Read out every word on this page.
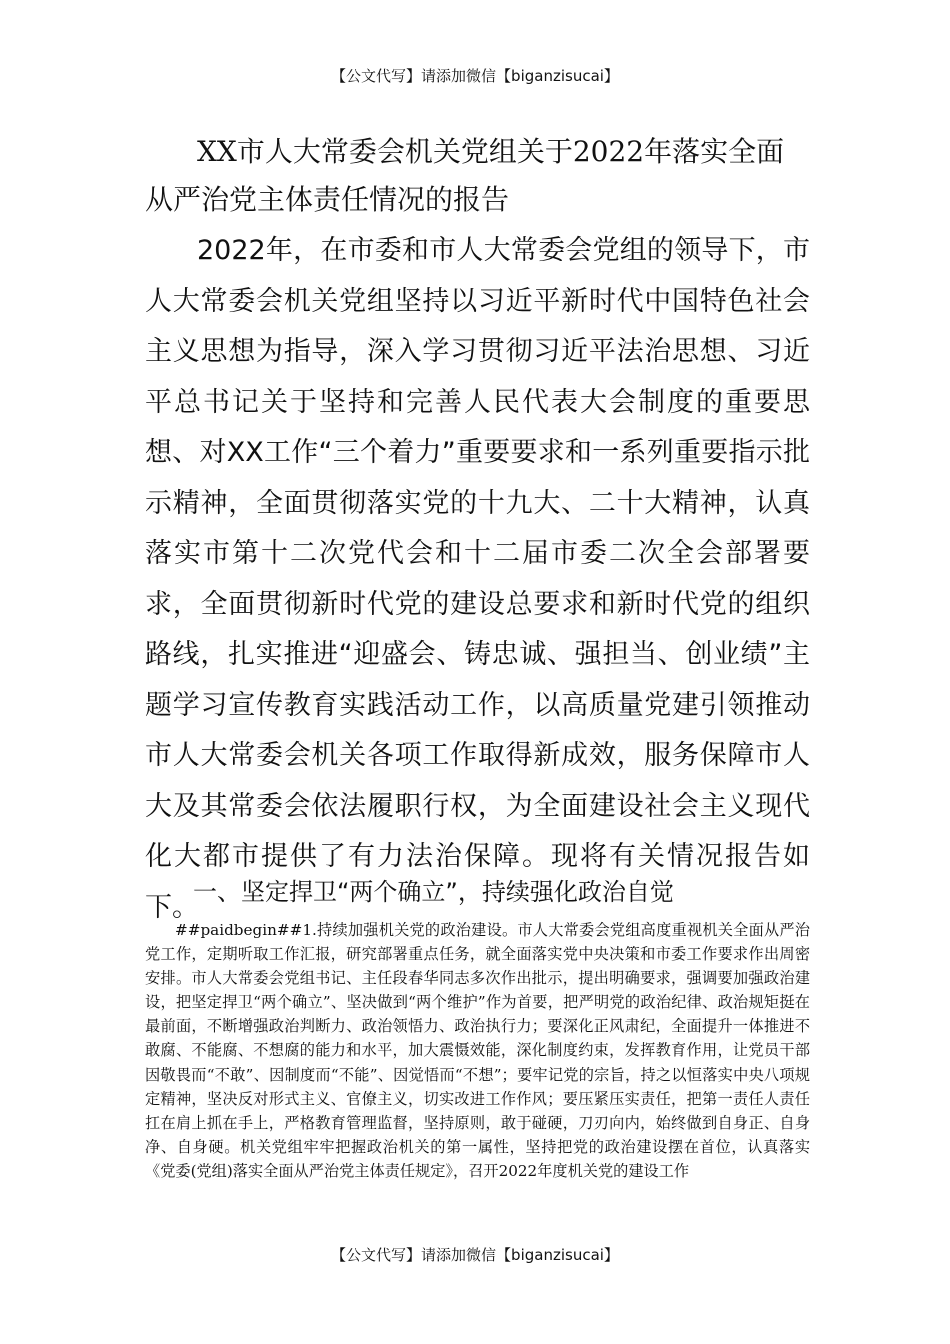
【公文代写】请添加微信【biganzisucai】
XX市人大常委会机关党组关于2022年落实全面从严治党主体责任情况的报告

2022年，在市委和市人大常委会党组的领导下，市人大常委会机关党组坚持以习近平新时代中国特色社会主义思想为指导，深入学习贯彻习近平法治思想、习近平总书记关于坚持和完善人民代表大会制度的重要思想、对XX工作“三个着力”重要要求和一系列重要指示批示精神，全面贯彻落实党的十九大、二十大精神，认真落实市第十二次党代会和十二届市委二次全会部署要求，全面贯彻新时代党的建设总要求和新时代党的组织路线，扎实推进“迎盛会、铸忠诚、强担当、创业绩”主题学习宣传教育实践活动工作，以高质量党建引领推动市人大常委会机关各项工作取得新成效，服务保障市人大及其常委会依法履职行权，为全面建设社会主义现代化大都市提供了有力法治保障。现将有关情况报告如下。

一、坚定捍卫“两个确立”，持续强化政治自觉

##paidbegin##1.持续加强机关党的政治建设。市人大常委会党组高度重视机关全面从严治党工作，定期听取工作汇报，研究部署重点任务，就全面落实党中央决策和市委工作要求作出周密安排。市人大常委会党组书记、主任段春华同志多次作出批示，提出明确要求，强调要加强政治建设，把坚定捍卫“两个确立”、坚决做到“两个维护”作为首要，把严明党的政治纪律、政治规矩挺在最前面，不断增强政治判断力、政治领悟力、政治执行力；要深化正风肃纪，全面提升一体推进不敢腐、不能腐、不想腐的能力和水平，加大震慑效能，深化制度约束，发挥教育作用，让党员干部因敬畏而“不敢”、因制度而“不能”、因觉悟而“不想”；要牢记党的宗旨，持之以恒落实中央八项规定精神，坚决反对形式主义、官僚主义，切实改进工作作风；要压紧压实责任，把第一责任人责任扛在肩上抓在手上，严格教育管理监督，坚持原则，敢于碰硬，刀刃向内，始终做到自身正、自身净、自身硬。机关党组牢牢把握政治机关的第一属性，坚持把党的政治建设摆在首位，认真落实《党委(党组)落实全面从严治党主体责任规定》，召开2022年度机关党的建设工作

【公文代写】请添加微信【biganzisucai】
